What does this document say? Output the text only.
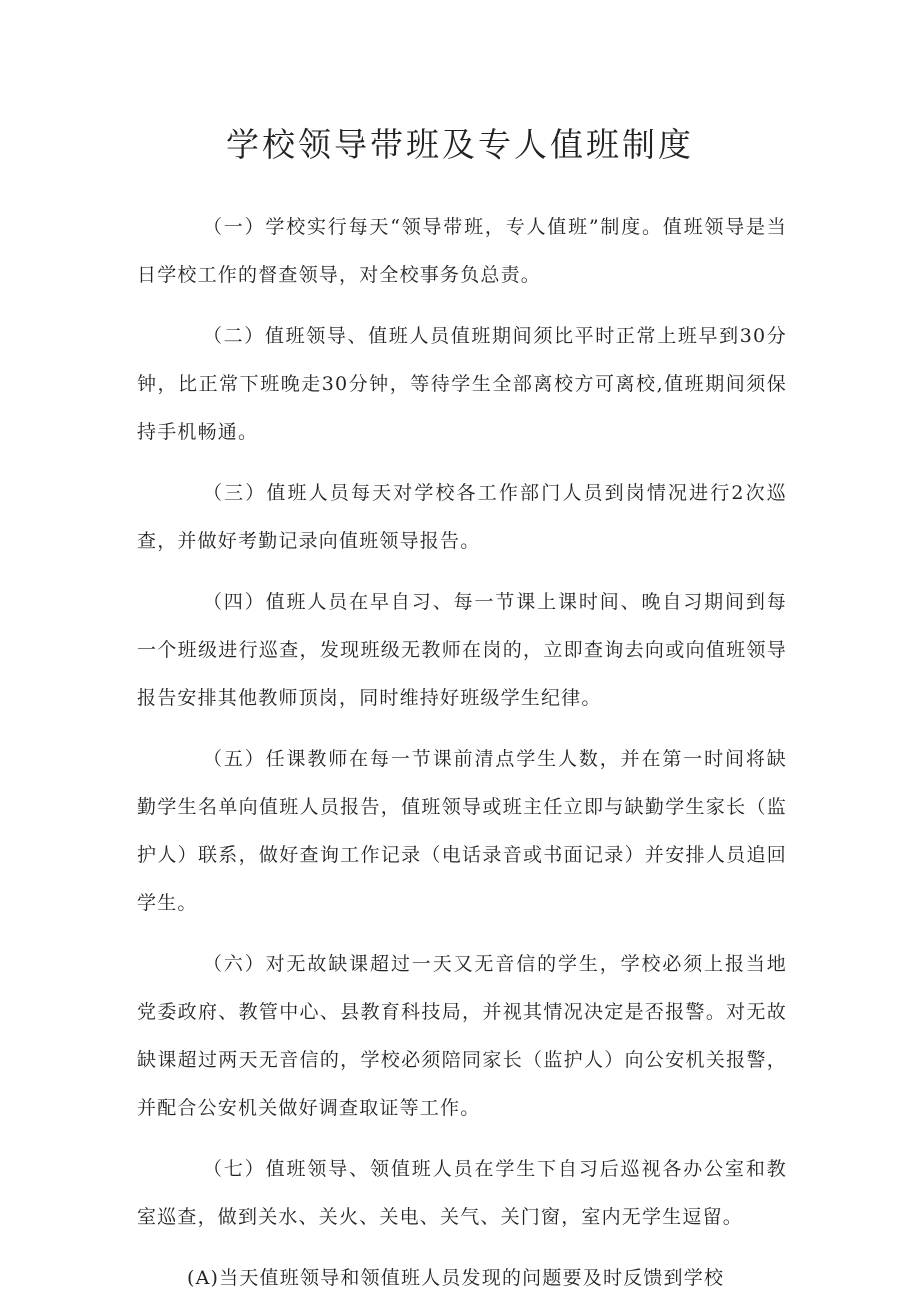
学校领导带班及专人值班制度

（一）学校实行每天“领导带班，专人值班”制度。值班领导是当日学校工作的督查领导，对全校事务负总责。

（二）值班领导、值班人员值班期间须比平时正常上班早到30分钟，比正常下班晚走30分钟，等待学生全部离校方可离校,值班期间须保持手机畅通。

（三）值班人员每天对学校各工作部门人员到岗情况进行2次巡查，并做好考勤记录向值班领导报告。

（四）值班人员在早自习、每一节课上课时间、晚自习期间到每一个班级进行巡查，发现班级无教师在岗的，立即查询去向或向值班领导报告安排其他教师顶岗，同时维持好班级学生纪律。

（五）任课教师在每一节课前清点学生人数，并在第一时间将缺勤学生名单向值班人员报告，值班领导或班主任立即与缺勤学生家长（监护人）联系，做好查询工作记录（电话录音或书面记录）并安排人员追回学生。

（六）对无故缺课超过一天又无音信的学生，学校必须上报当地党委政府、教管中心、县教育科技局，并视其情况决定是否报警。对无故缺课超过两天无音信的，学校必须陪同家长（监护人）向公安机关报警，并配合公安机关做好调查取证等工作。

（七）值班领导、领值班人员在学生下自习后巡视各办公室和教室巡查，做到关水、关火、关电、关气、关门窗，室内无学生逗留。

(A)当天值班领导和领值班人员发现的问题要及时反馈到学校
